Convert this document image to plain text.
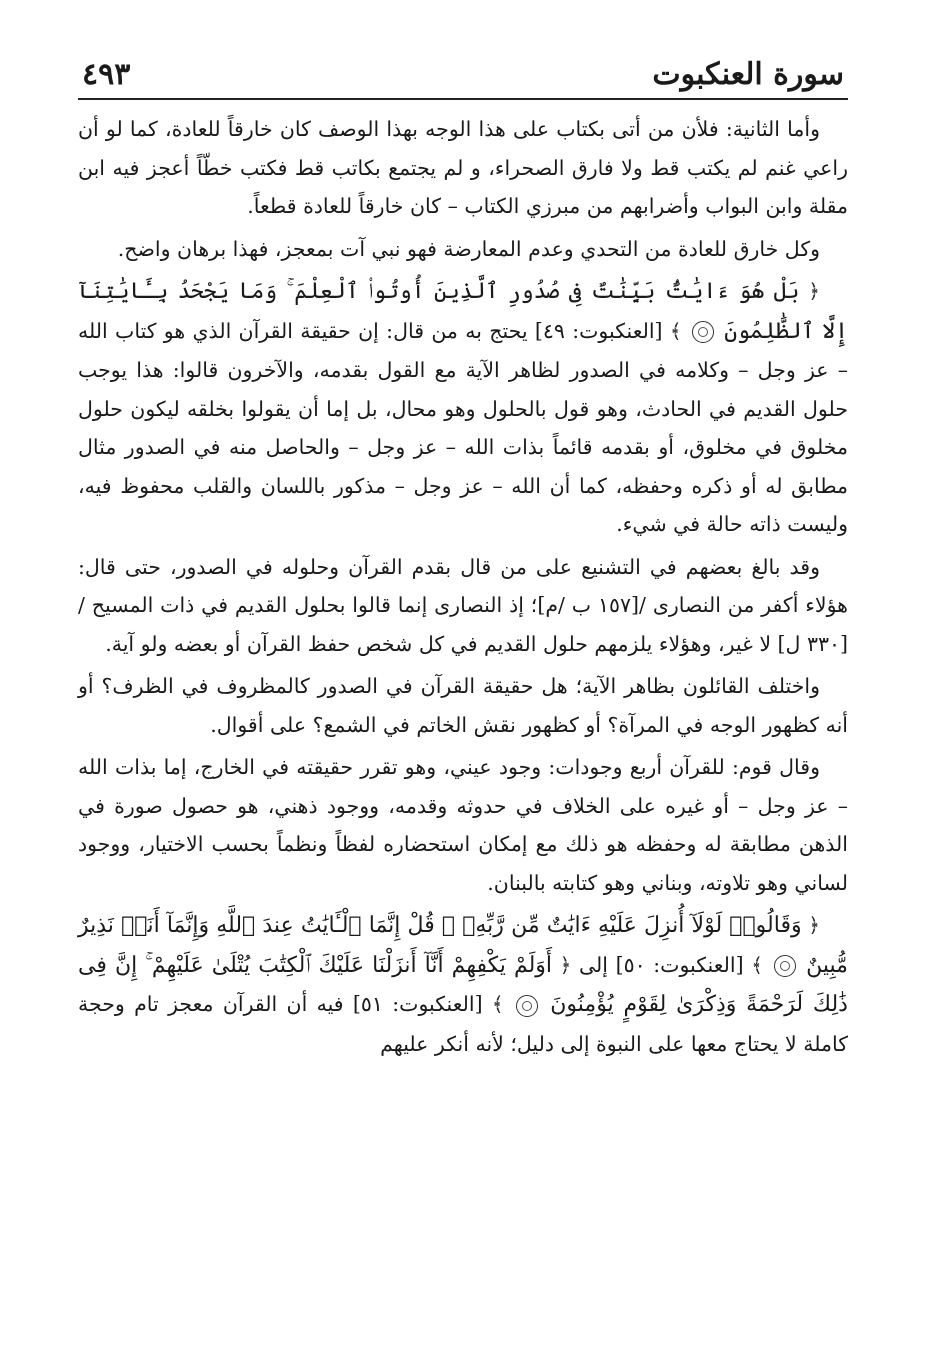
سورة العنكبوت
٤٩٣

وأما الثانية: فلأن من أتى بكتاب على هذا الوجه بهذا الوصف كان خارقاً للعادة، كما لو أن راعي غنم لم يكتب قط ولا فارق الصحراء، و لم يجتمع بكاتب قط فكتب خطّاً أعجز فيه ابن مقلة وابن البواب وأضرابهم من مبرزي الكتاب – كان خارقاً للعادة قطعاً.

وكل خارق للعادة من التحدي وعدم المعارضة فهو نبي آت بمعجز، فهذا برهان واضح.

﴿ بَلْ هُوَ ءَايَٰتٌۢ بَيِّنَٰتٌ فِى صُدُورِ ٱلَّذِينَ أُوتُوا۟ ٱلْعِلْمَ ۚ وَمَا يَجْحَدُ بِـَٔايَٰتِنَآ إِلَّا ٱلظَّٰلِمُونَ  ﴾ [العنكبوت: ٤٩] يحتج به من قال: إن حقيقة القرآن الذي هو كتاب الله – عز وجل – وكلامه في الصدور لظاهر الآية مع القول بقدمه، والآخرون قالوا: هذا يوجب حلول القديم في الحادث، وهو قول بالحلول وهو محال، بل إما أن يقولوا بخلقه ليكون حلول مخلوق في مخلوق، أو بقدمه قائماً بذات الله – عز وجل – والحاصل منه في الصدور مثال مطابق له أو ذكره وحفظه، كما أن الله – عز وجل – مذكور باللسان والقلب محفوظ فيه، وليست ذاته حالة في شيء.

وقد بالغ بعضهم في التشنيع على من قال بقدم القرآن وحلوله في الصدور، حتى قال: هؤلاء أكفر من النصارى /[١٥٧ ب /م]؛ إذ النصارى إنما قالوا بحلول القديم في ذات المسيح / [٣٣٠ ل] لا غير، وهؤلاء يلزمهم حلول القديم في كل شخص حفظ القرآن أو بعضه ولو آية.

واختلف القائلون بظاهر الآية؛ هل حقيقة القرآن في الصدور كالمظروف في الظرف؟ أو أنه كظهور الوجه في المرآة؟ أو كظهور نقش الخاتم في الشمع؟ على أقوال.

وقال قوم: للقرآن أربع وجودات: وجود عيني، وهو تقرر حقيقته في الخارج، إما بذات الله – عز وجل – أو غيره على الخلاف في حدوثه وقدمه، ووجود ذهني، هو حصول صورة في الذهن مطابقة له وحفظه هو ذلك مع إمكان استحضاره لفظاً ونظماً بحسب الاختيار، ووجود لساني وهو تلاوته، وبناني وهو كتابته بالبنان.

﴿ وَقَالُوا۟ لَوْلَآ أُنزِلَ عَلَيْهِ ءَايَٰتٌ مِّن رَّبِّهِۦ ۖ قُلْ إِنَّمَا ٱلْـَٔايَٰتُ عِندَ ٱللَّهِ وَإِنَّمَآ أَنَا۠ نَذِيرٌ مُّبِينٌ  ﴾ [العنكبوت: ٥٠] إلى ﴿ أَوَلَمْ يَكْفِهِمْ أَنَّآ أَنزَلْنَا عَلَيْكَ ٱلْكِتَٰبَ يُتْلَىٰ عَلَيْهِمْ ۚ إِنَّ فِى ذَٰلِكَ لَرَحْمَةً وَذِكْرَىٰ لِقَوْمٍ يُؤْمِنُونَ  ﴾ [العنكبوت: ٥١] فيه أن القرآن معجز تام وحجة كاملة لا يحتاج معها على النبوة إلى دليل؛ لأنه أنكر عليهم
